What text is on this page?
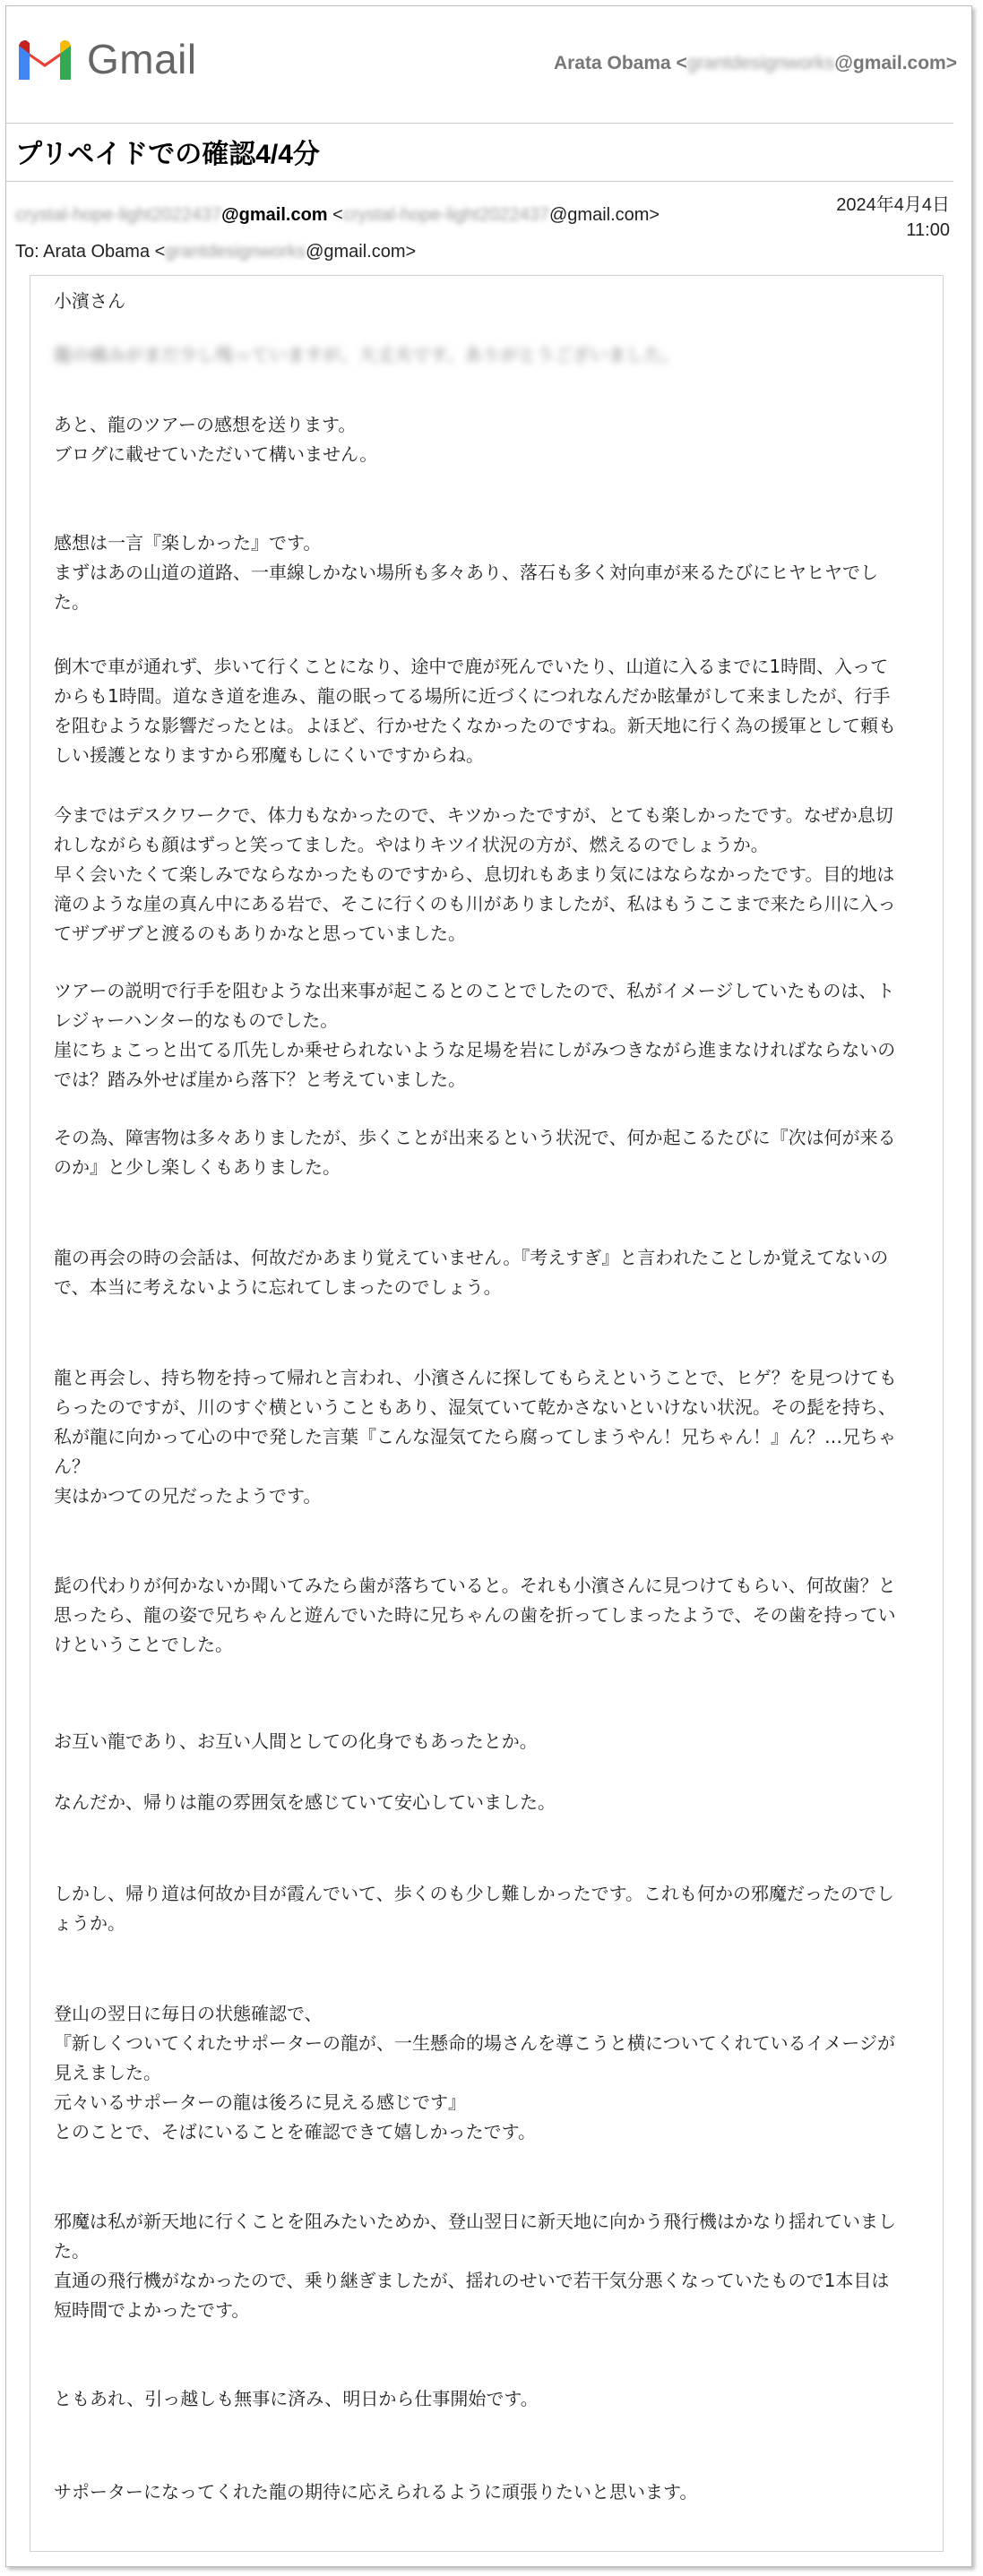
Gmail	Arata Obama <grantdesignworks@gmail.com>
プリペイドでの確認4/4分
crystal-hope-light2022437@gmail.com <crystal-hope-light2022437@gmail.com>	2024年4月4日
11:00
To: Arata Obama <grantdesignworks@gmail.com>
小濱さん
龍の痛みがまだ少し残っていますが、大丈夫です。ありがとうございました。
あと、龍のツアーの感想を送ります。
ブログに載せていただいて構いません。
感想は一言『楽しかった』です。
まずはあの山道の道路、一車線しかない場所も多々あり、落石も多く対向車が来るたびにヒヤヒヤでし
た。
倒木で車が通れず、歩いて行くことになり、途中で鹿が死んでいたり、山道に入るまでに1時間、入って
からも1時間。道なき道を進み、龍の眠ってる場所に近づくにつれなんだか眩暈がして来ましたが、行手
を阻むような影響だったとは。よほど、行かせたくなかったのですね。新天地に行く為の援軍として頼も
しい援護となりますから邪魔もしにくいですからね。
今まではデスクワークで、体力もなかったので、キツかったですが、とても楽しかったです。なぜか息切
れしながらも顔はずっと笑ってました。やはりキツイ状況の方が、燃えるのでしょうか。
早く会いたくて楽しみでならなかったものですから、息切れもあまり気にはならなかったです。目的地は
滝のような崖の真ん中にある岩で、そこに行くのも川がありましたが、私はもうここまで来たら川に入っ
てザブザブと渡るのもありかなと思っていました。
ツアーの説明で行手を阻むような出来事が起こるとのことでしたので、私がイメージしていたものは、ト
レジャーハンター的なものでした。
崖にちょこっと出てる爪先しか乗せられないような足場を岩にしがみつきながら進まなければならないの
では？踏み外せば崖から落下？と考えていました。
その為、障害物は多々ありましたが、歩くことが出来るという状況で、何か起こるたびに『次は何が来る
のか』と少し楽しくもありました。
龍の再会の時の会話は、何故だかあまり覚えていません。『考えすぎ』と言われたことしか覚えてないの
で、本当に考えないように忘れてしまったのでしょう。
龍と再会し、持ち物を持って帰れと言われ、小濱さんに探してもらえということで、ヒゲ？を見つけても
らったのですが、川のすぐ横ということもあり、湿気ていて乾かさないといけない状況。その髭を持ち、
私が龍に向かって心の中で発した言葉『こんな湿気てたら腐ってしまうやん！兄ちゃん！』ん？…兄ちゃ
ん？
実はかつての兄だったようです。
髭の代わりが何かないか聞いてみたら歯が落ちていると。それも小濱さんに見つけてもらい、何故歯？と
思ったら、龍の姿で兄ちゃんと遊んでいた時に兄ちゃんの歯を折ってしまったようで、その歯を持ってい
けということでした。
お互い龍であり、お互い人間としての化身でもあったとか。
なんだか、帰りは龍の雰囲気を感じていて安心していました。
しかし、帰り道は何故か目が霞んでいて、歩くのも少し難しかったです。これも何かの邪魔だったのでし
ょうか。
登山の翌日に毎日の状態確認で、
『新しくついてくれたサポーターの龍が、一生懸命的場さんを導こうと横についてくれているイメージが
見えました。
元々いるサポーターの龍は後ろに見える感じです』
とのことで、そばにいることを確認できて嬉しかったです。
邪魔は私が新天地に行くことを阻みたいためか、登山翌日に新天地に向かう飛行機はかなり揺れていまし
た。
直通の飛行機がなかったので、乗り継ぎましたが、揺れのせいで若干気分悪くなっていたもので1本目は
短時間でよかったです。
ともあれ、引っ越しも無事に済み、明日から仕事開始です。
サポーターになってくれた龍の期待に応えられるように頑張りたいと思います。
